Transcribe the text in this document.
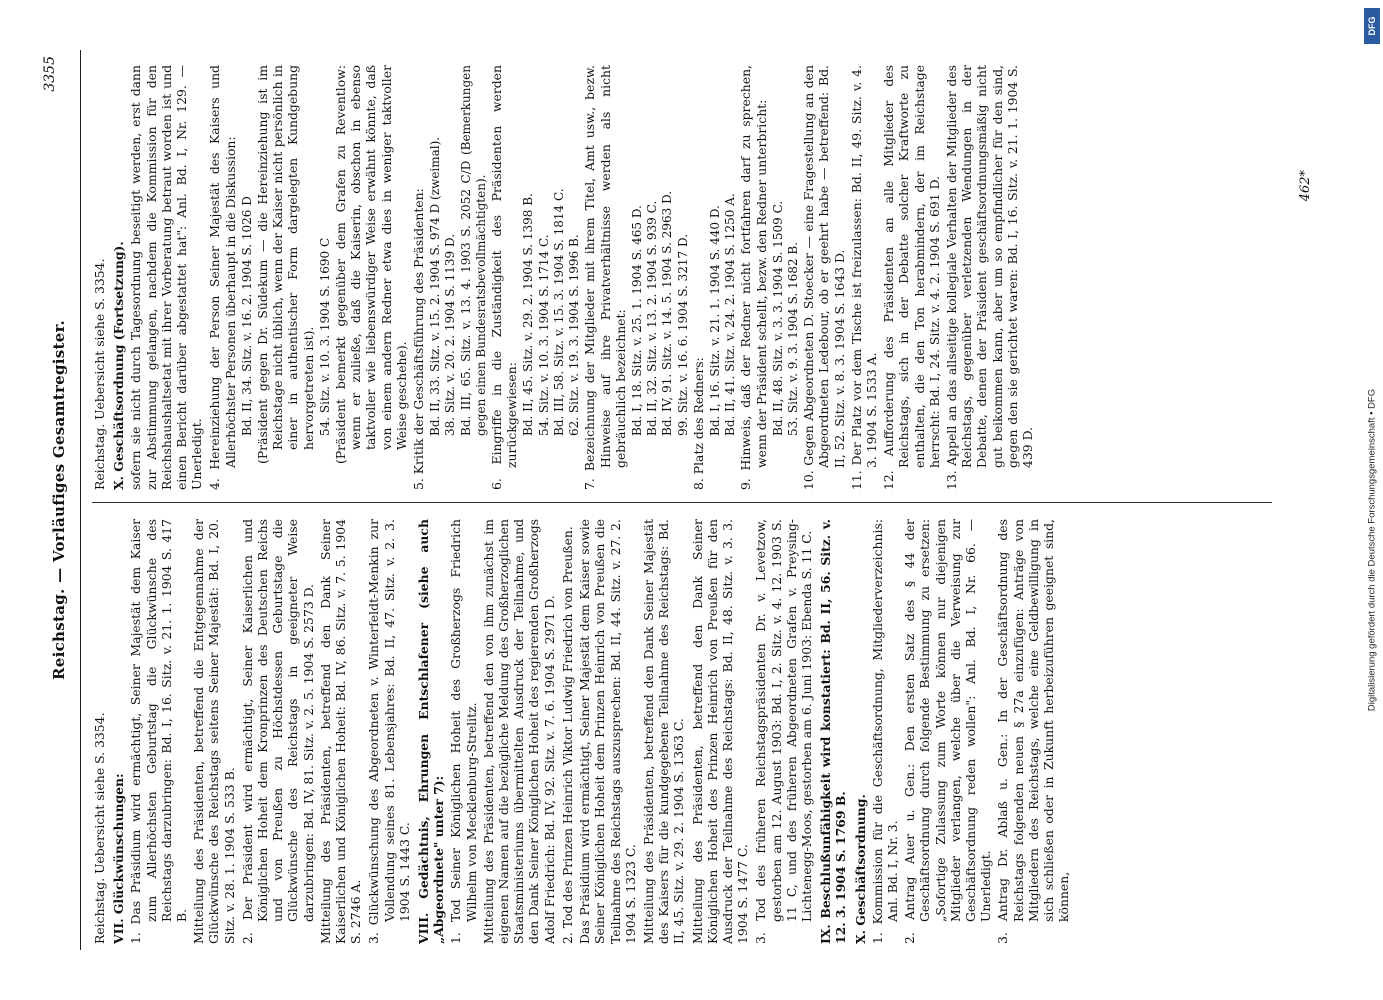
Reichstag. — Vorläufiges Gesamtregister.
3355
Reichstag. Uebersicht siehe S. 3354. VII. Glückwünschungen: 1. Das Präsidium wird ermächtigt, Seiner Majestät dem Kaiser zum Allerhöchsten Geburtstag die Glückwünsche des Reichstags darzubringen: Bd. I, 16. Sitz. v. 21. 1. 1904 S. 417 B. Mitteilung des Präsidenten, betreffend die Entgegennahme der Glückwünsche des Reichstags seitens Seiner Majestät: Bd. I, 20. Sitz. v. 28. 1. 1904 S. 533 B. 2. Der Präsident wird ermächtigt, Seiner Kaiserlichen und Königlichen Hoheit dem Kronprinzen des Deutschen Reichs und von Preußen zu Höchstdessen Geburtstage die Glückwünsche des Reichstags in geeigneter Weise darzubringen: Bd. IV, 81. Sitz. v. 2. 5. 1904 S. 2573 D. Mitteilung des Präsidenten, betreffend den Dank Seiner Kaiserlichen und Königlichen Hoheit: Bd. IV, 86. Sitz. v. 7. 5. 1904 S. 2746 A. 3. Glückwünschung des Abgeordneten v. Winterfeldt-Menkin zur Vollendung seines 81. Lebensjahres: Bd. II, 47. Sitz. v. 2. 3. 1904 S. 1443 C. VIII. Gedächtnis, Ehrungen Entschlafener (siehe auch „Abgeordnete" unter 7): 1. Tod Seiner Königlichen Hoheit des Großherzogs Friedrich Wilhelm von Mecklenburg-Strelitz. Mitteilung des Präsidenten, betreffend den von ihm zunächst im eigenen Namen auf die bezügliche Meldung des Großherzoglichen Staatsministeriums übermittelten Ausdruck der Teilnahme, und den Dank Seiner Königlichen Hoheit des regierenden Großherzogs Adolf Friedrich: Bd. IV, 92. Sitz. v. 7. 6. 1904 S. 2971 D. 2. Tod des Prinzen Heinrich Viktor Ludwig Friedrich von Preußen. Das Präsidium wird ermächtigt, Seiner Majestät dem Kaiser sowie Seiner Königlichen Hoheit dem Prinzen Heinrich von Preußen die Teilnahme des Reichstags auszusprechen: Bd. II, 44. Sitz. v. 27. 2. 1904 S. 1323 C. Mitteilung des Präsidenten, betreffend den Dank Seiner Majestät des Kaisers für die kundgegebene Teilnahme des Reichstags: Bd. II, 45. Sitz. v. 29. 2. 1904 S. 1363 C. Mitteilung des Präsidenten, betreffend den Dank Seiner Königlichen Hoheit des Prinzen Heinrich von Preußen für den Ausdruck der Teilnahme des Reichstags: Bd. II, 48. Sitz. v. 3. 3. 1904 S. 1477 C. 3. Tod des früheren Reichstagspräsidenten Dr. v. Levetzow, gestorben am 12. August 1903: Bd. I, 2. Sitz. v. 4. 12. 1903 S. 11 C, und des früheren Abgeordneten Grafen v. Preysing-Lichtenegg-Moos, gestorben am 6. Juni 1903: Ebenda S. 11 C. IX. Beschlußunfähigkeit wird konstatiert: Bd. II, 56. Sitz. v. 12. 3. 1904 S. 1769 B. X. Geschäftsordnung. 1. Kommission für die Geschäftsordnung, Mitgliederverzeichnis: Anl. Bd. I, Nr. 3. 2. Antrag Auer u. Gen.: Den ersten Satz des § 44 der Geschäftsordnung durch folgende Bestimmung zu ersetzen: „Sofortige Zulassung zum Worte können nur diejenigen Mitglieder verlangen, welche über die Verweisung zur Geschäftsordnung reden wollen": Anl. Bd. I, Nr. 66. — Unerledigt. 3. Antrag Dr. Ablaß u. Gen.: In der Geschäftsordnung des Reichstags folgenden neuen § 27a einzufügen: Anträge von Mitgliedern des Reichstags, welche eine Geldbewilligung in sich schließen oder in Zukunft herbeizuführen geeignet sind, können,
Reichstag. Uebersicht siehe S. 3354. X. Geschäftsordnung (Fortsetzung). sofern sie nicht durch Tagesordnung beseitigt werden, erst dann zur Abstimmung gelangen, nachdem die Kommission für den Reichshaushaltsetat mit ihrer Vorberatung betraut worden ist und einen Bericht darüber abgestattet hat": Anl. Bd. I, Nr. 129. — Unerledigt. 4. Hereinziehung der Person Seiner Majestät des Kaisers und Allerhöchster Personen überhaupt in die Diskussion: Bd. II, 34. Sitz. v. 16. 2. 1904 S. 1026 D (Präsident gegen Dr. Südekum — die Hereinziehung ist im Reichstage nicht üblich, wenn der Kaiser nicht persönlich in einer in authentischer Form dargelegten Kundgebung hervorgetreten ist). 54. Sitz. v. 10. 3. 1904 S. 1690 C (Präsident bemerkt gegenüber dem Grafen zu Reventlow: wenn er zuließe, daß die Kaiserin, obschon in ebenso taktvoller wie liebenswürdiger Weise erwähnt könnte, daß von einem andern Redner etwa dies in weniger taktvoller Weise geschehe). 5. Kritik der Geschäftsführung des Präsidenten: Bd. II, 33. Sitz. v. 15. 2. 1904 S. 974 D (zweimal). 38. Sitz. v. 20. 2. 1904 S. 1139 D. Bd. III, 65. Sitz. v. 13. 4. 1903 S. 2052 C/D (Bemerkungen gegen einen Bundesratsbevollmächtigten). 6. Eingriffe in die Zuständigkeit des Präsidenten werden zurückgewiesen: Bd. II, 45. Sitz. v. 29. 2. 1904 S. 1398 B. 54. Sitz. v. 10. 3. 1904 S. 1714 C. Bd. III, 58. Sitz. v. 15. 3. 1904 S. 1814 C. 62. Sitz. v. 19. 3. 1904 S. 1996 B. 7. Bezeichnung der Mitglieder mit ihrem Titel, Amt usw., bezw. Hinweise auf ihre Privatverhältnisse werden als nicht gebräuchlich bezeichnet: Bd. I, 18. Sitz. v. 25. 1. 1904 S. 465 D. Bd. II, 32. Sitz. v. 13. 2. 1904 S. 939 C. Bd. IV, 91. Sitz. v. 14. 5. 1904 S. 2963 D. 99. Sitz. v. 16. 6. 1904 S. 3217 D. 8. Platz des Redners: Bd. I, 16. Sitz. v. 21. 1. 1904 S. 440 D. Bd. II, 41. Sitz. v. 24. 2. 1904 S. 1250 A. 9. Hinweis, daß der Redner nicht fortfahren darf zu sprechen, wenn der Präsident schellt, bezw. den Redner unterbricht: Bd. II, 48. Sitz. v. 3. 3. 1904 S. 1509 C. 53. Sitz. v. 9. 3. 1904 S. 1682 B. 10. Gegen Abgeordneten D. Stoecker — eine Fragestellung an den Abgeordneten Ledebour, ob er geehrt habe — betreffend: Bd. II, 52. Sitz. v. 8. 3. 1904 S. 1643 D. 11. Der Platz vor dem Tische ist freizulassen: Bd. II, 49. Sitz. v. 4. 3. 1904 S. 1533 A. 12. Aufforderung des Präsidenten an alle Mitglieder des Reichstags, sich in der Debatte solcher Kraftworte zu enthalten, die den Ton herabmindern, der im Reichstage herrscht: Bd. I, 24. Sitz. v. 4. 2. 1904 S. 691 D. 13. Appell an das allseitige kollegiale Verhalten der Mitglieder des Reichstags, gegenüber verletzenden Wendungen in der Debatte, denen der Präsident geschäftsordnungsmäßig nicht gut beikommen kann, aber um so empfindlicher für den sind, gegen den sie gerichtet waren: Bd. I, 16. Sitz. v. 21. 1. 1904 S. 439 D.
462*
DFG
Digitalisierung gefördert durch die Deutsche Forschungsgemeinschaft • DFG
